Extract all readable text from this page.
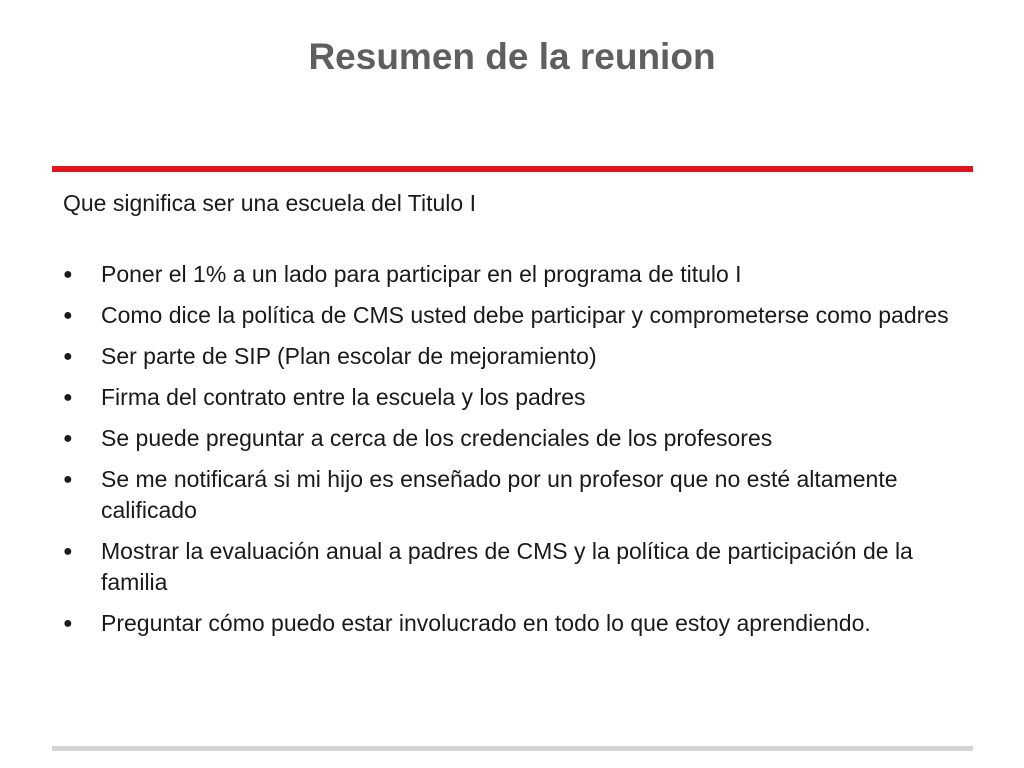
Resumen de la reunion
Que significa ser una escuela del Titulo I
● Poner el 1% a un lado para participar en el programa de titulo I
● Como dice la política de CMS usted debe participar y comprometerse como padres
● Ser parte de SIP (Plan escolar de mejoramiento)
● Firma del contrato entre la escuela y los padres
● Se puede preguntar a cerca de los credenciales de los profesores
● Se me notificará si mi hijo es enseñado por un profesor que no esté altamente calificado
● Mostrar la evaluación anual a padres de CMS y la política de participación de la familia
● Preguntar cómo puedo estar involucrado en todo lo que estoy aprendiendo.
